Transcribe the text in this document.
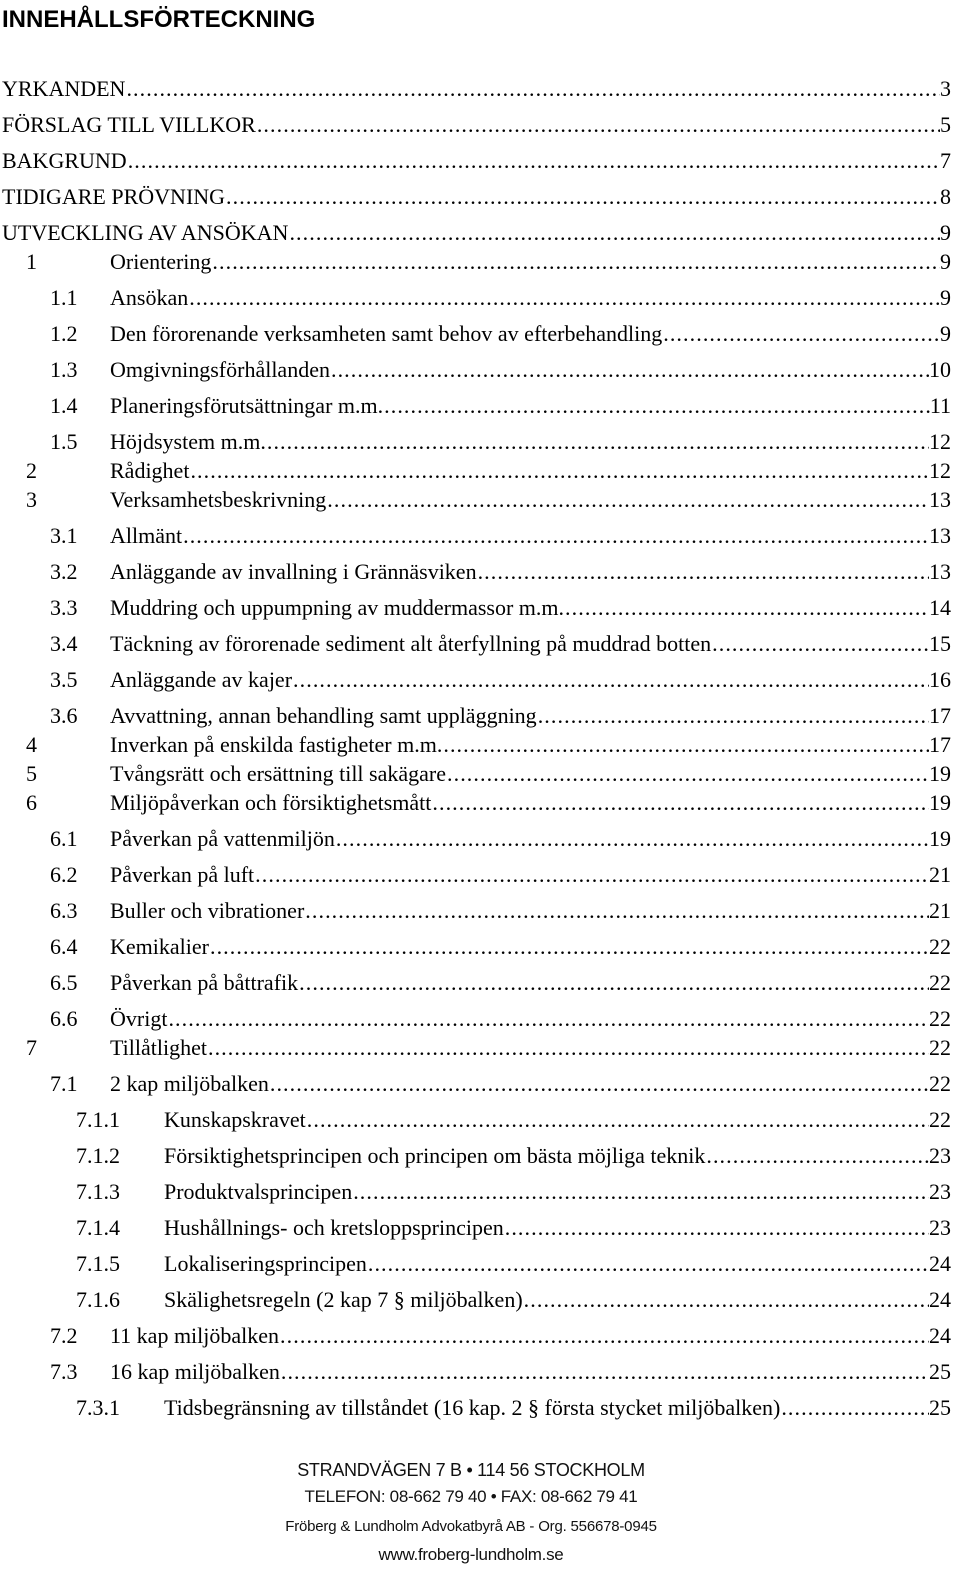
INNEHÅLLSFÖRTECKNING
YRKANDEN . . .	3
FÖRSLAG TILL VILLKOR . . .	5
BAKGRUND . . .	7
TIDIGARE PRÖVNING . . .	8
UTVECKLING AV ANSÖKAN . . .	9
1	Orientering . . .	9
1.1 Ansökan . . .	9
1.2 Den förorenande verksamheten samt behov av efterbehandling . . .	9
1.3 Omgivningsförhållanden . . .	10
1.4 Planeringsförutsättningar m.m. . . .	11
1.5 Höjdsystem m.m. . . .	12
2	Rådighet . . .	12
3	Verksamhetsbeskrivning . . .	13
3.1 Allmänt . . .	13
3.2 Anläggande av invallning i Grännäsviken . . .	13
3.3 Muddring och uppumpning av muddermassor m.m. . . .	14
3.4 Täckning av förorenade sediment alt återfyllning på muddrad botten . . .	15
3.5 Anläggande av kajer . . .	16
3.6 Avvattning, annan behandling samt uppläggning . . .	17
4	Inverkan på enskilda fastigheter m.m. . . .	17
5	Tvångsrätt och ersättning till sakägare . . .	19
6	Miljöpåverkan och försiktighetsmått . . .	19
6.1 Påverkan på vattenmiljön . . .	19
6.2 Påverkan på luft . . .	21
6.3 Buller och vibrationer . . .	21
6.4 Kemikalier . . .	22
6.5 Påverkan på båttrafik . . .	22
6.6 Övrigt . . .	22
7	Tillåtlighet . . .	22
7.1 2 kap miljöbalken . . .	22
7.1.1 Kunskapskravet . . .	22
7.1.2 Försiktighetsprincipen och principen om bästa möjliga teknik . . .	23
7.1.3 Produktvalsprincipen . . .	23
7.1.4 Hushållnings- och kretsloppsprincipen . . .	23
7.1.5 Lokaliseringsprincipen . . .	24
7.1.6 Skälighetsregeln (2 kap 7 § miljöbalken) . . .	24
7.2 11 kap miljöbalken . . .	24
7.3 16 kap miljöbalken . . .	25
7.3.1 Tidsbegränsning av tillståndet (16 kap. 2 § första stycket miljöbalken) . . .	25
STRANDVÄGEN 7 B • 114 56 STOCKHOLM
TELEFON: 08-662 79 40 • FAX: 08-662 79 41
Fröberg & Lundholm Advokatbyrå AB - Org. 556678-0945
www.froberg-lundholm.se
